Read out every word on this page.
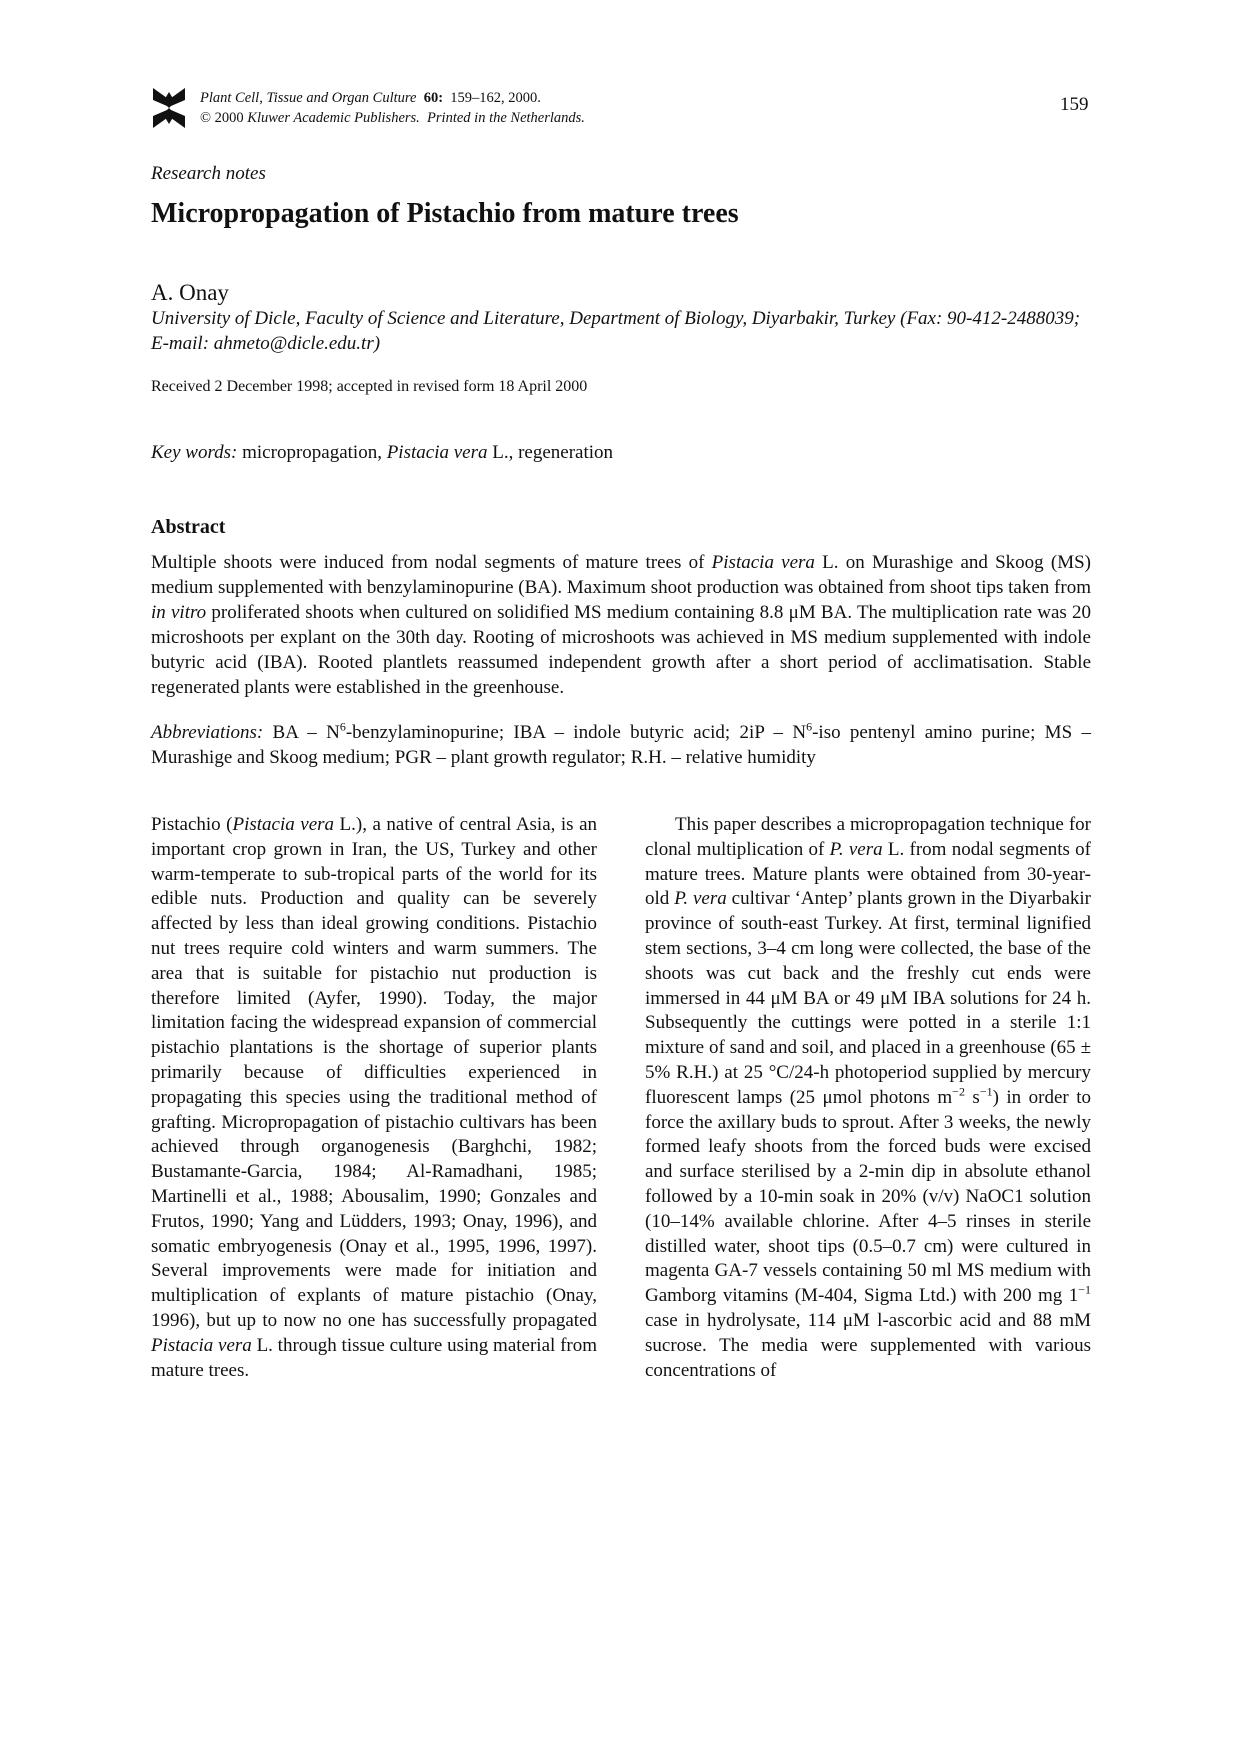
Plant Cell, Tissue and Organ Culture 60: 159–162, 2000.
© 2000 Kluwer Academic Publishers. Printed in the Netherlands.
159
Research notes
Micropropagation of Pistachio from mature trees
A. Onay
University of Dicle, Faculty of Science and Literature, Department of Biology, Diyarbakir, Turkey (Fax: 90-412-2488039; E-mail: ahmeto@dicle.edu.tr)
Received 2 December 1998; accepted in revised form 18 April 2000
Key words: micropropagation, Pistacia vera L., regeneration
Abstract
Multiple shoots were induced from nodal segments of mature trees of Pistacia vera L. on Murashige and Skoog (MS) medium supplemented with benzylaminopurine (BA). Maximum shoot production was obtained from shoot tips taken from in vitro proliferated shoots when cultured on solidified MS medium containing 8.8 μM BA. The multiplication rate was 20 microshoots per explant on the 30th day. Rooting of microshoots was achieved in MS medium supplemented with indole butyric acid (IBA). Rooted plantlets reassumed independent growth after a short period of acclimatisation. Stable regenerated plants were established in the greenhouse.
Abbreviations: BA – $N^6$-benzylaminopurine; IBA – indole butyric acid; $2iP - N^6$-iso pentenyl amino purine; MS – Murashige and Skoog medium; PGR – plant growth regulator; R.H. – relative humidity
Pistachio (Pistacia vera L.), a native of central Asia, is an important crop grown in Iran, the US, Turkey and other warm-temperate to sub-tropical parts of the world for its edible nuts. Production and quality can be severely affected by less than ideal growing conditions. Pistachio nut trees require cold winters and warm summers. The area that is suitable for pistachio nut production is therefore limited (Ayfer, 1990). Today, the major limitation facing the widespread expansion of commercial pistachio plantations is the shortage of superior plants primarily because of difficulties experienced in propagating this species using the traditional method of grafting. Micropropagation of pistachio cultivars has been achieved through organogenesis (Barghchi, 1982; Bustamante-Garcia, 1984; Al-Ramadhani, 1985; Martinelli et al., 1988; Abousalim, 1990; Gonzales and Frutos, 1990; Yang and Lüdders, 1993; Onay, 1996), and somatic embryogenesis (Onay et al., 1995, 1996, 1997). Several improvements were made for initiation and multiplication of explants of mature pistachio (Onay, 1996), but up to now no one has successfully propagated Pistacia vera L. through tissue culture using material from mature trees.
This paper describes a micropropagation technique for clonal multiplication of P. vera L. from nodal segments of mature trees. Mature plants were obtained from 30-year-old P. vera cultivar ‘Antep’ plants grown in the Diyarbakir province of south-east Turkey. At first, terminal lignified stem sections, 3–4 cm long were collected, the base of the shoots was cut back and the freshly cut ends were immersed in 44 μM BA or 49 μM IBA solutions for 24 h. Subsequently the cuttings were potted in a sterile 1:1 mixture of sand and soil, and placed in a greenhouse (65 ± 5% R.H.) at 25 °C/24-h photoperiod supplied by mercury fluorescent lamps (25 μmol photons $m^{-2}$ $s^{-1}$) in order to force the axillary buds to sprout. After 3 weeks, the newly formed leafy shoots from the forced buds were excised and surface sterilised by a 2-min dip in absolute ethanol followed by a 10-min soak in 20% (v/v) NaOC1 solution (10–14% available chlorine. After 4–5 rinses in sterile distilled water, shoot tips (0.5–0.7 cm) were cultured in magenta GA-7 vessels containing 50 ml MS medium with Gamborg vitamins (M-404, Sigma Ltd.) with 200 mg $1^{-1}$ case in hydrolysate, 114 μM l-ascorbic acid and 88 mM sucrose. The media were supplemented with various concentrations of
